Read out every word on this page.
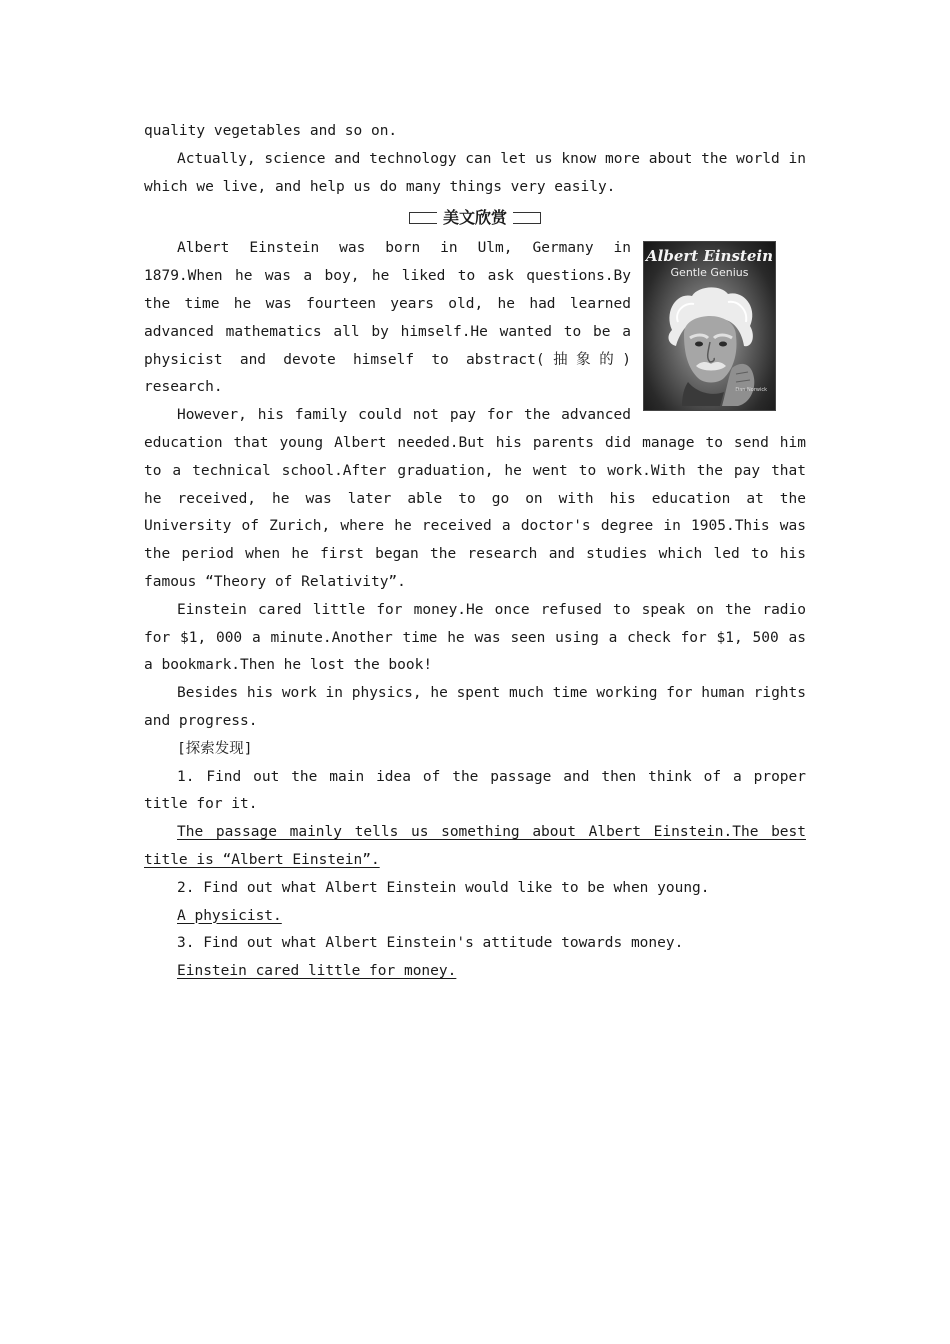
quality vegetables and so on.

Actually, science and technology can let us know more about the world in which we live, and help us do many things very easily.

美文欣赏
Albert Einstein
Gentle Genius
Dan Norwick

Albert Einstein was born in Ulm, Germany in 1879.When he was a boy, he liked to ask questions.By the time he was fourteen years old, he had learned advanced mathematics all by himself.He wanted to be a physicist and devote himself to abstract(抽象的) research.

However, his family could not pay for the advanced education that young Albert needed.But his parents did manage to send him to a technical school.After graduation, he went to work.With the pay that he received, he was later able to go on with his education at the University of Zurich, where he received a doctor's degree in 1905.This was the period when he first began the research and studies which led to his famous “Theory of Relativity”.

Einstein cared little for money.He once refused to speak on the radio for $1, 000 a minute.Another time he was seen using a check for $1, 500 as a bookmark.Then he lost the book!

Besides his work in physics, he spent much time working for human rights and progress.

[探索发现]

1. Find out the main idea of the passage and then think of a proper title for it.

The passage mainly tells us something about Albert Einstein.The best title is “Albert Einstein”.

2. Find out what Albert Einstein would like to be when young.

A physicist.

3. Find out what Albert Einstein's attitude towards money.

Einstein cared little for money.
